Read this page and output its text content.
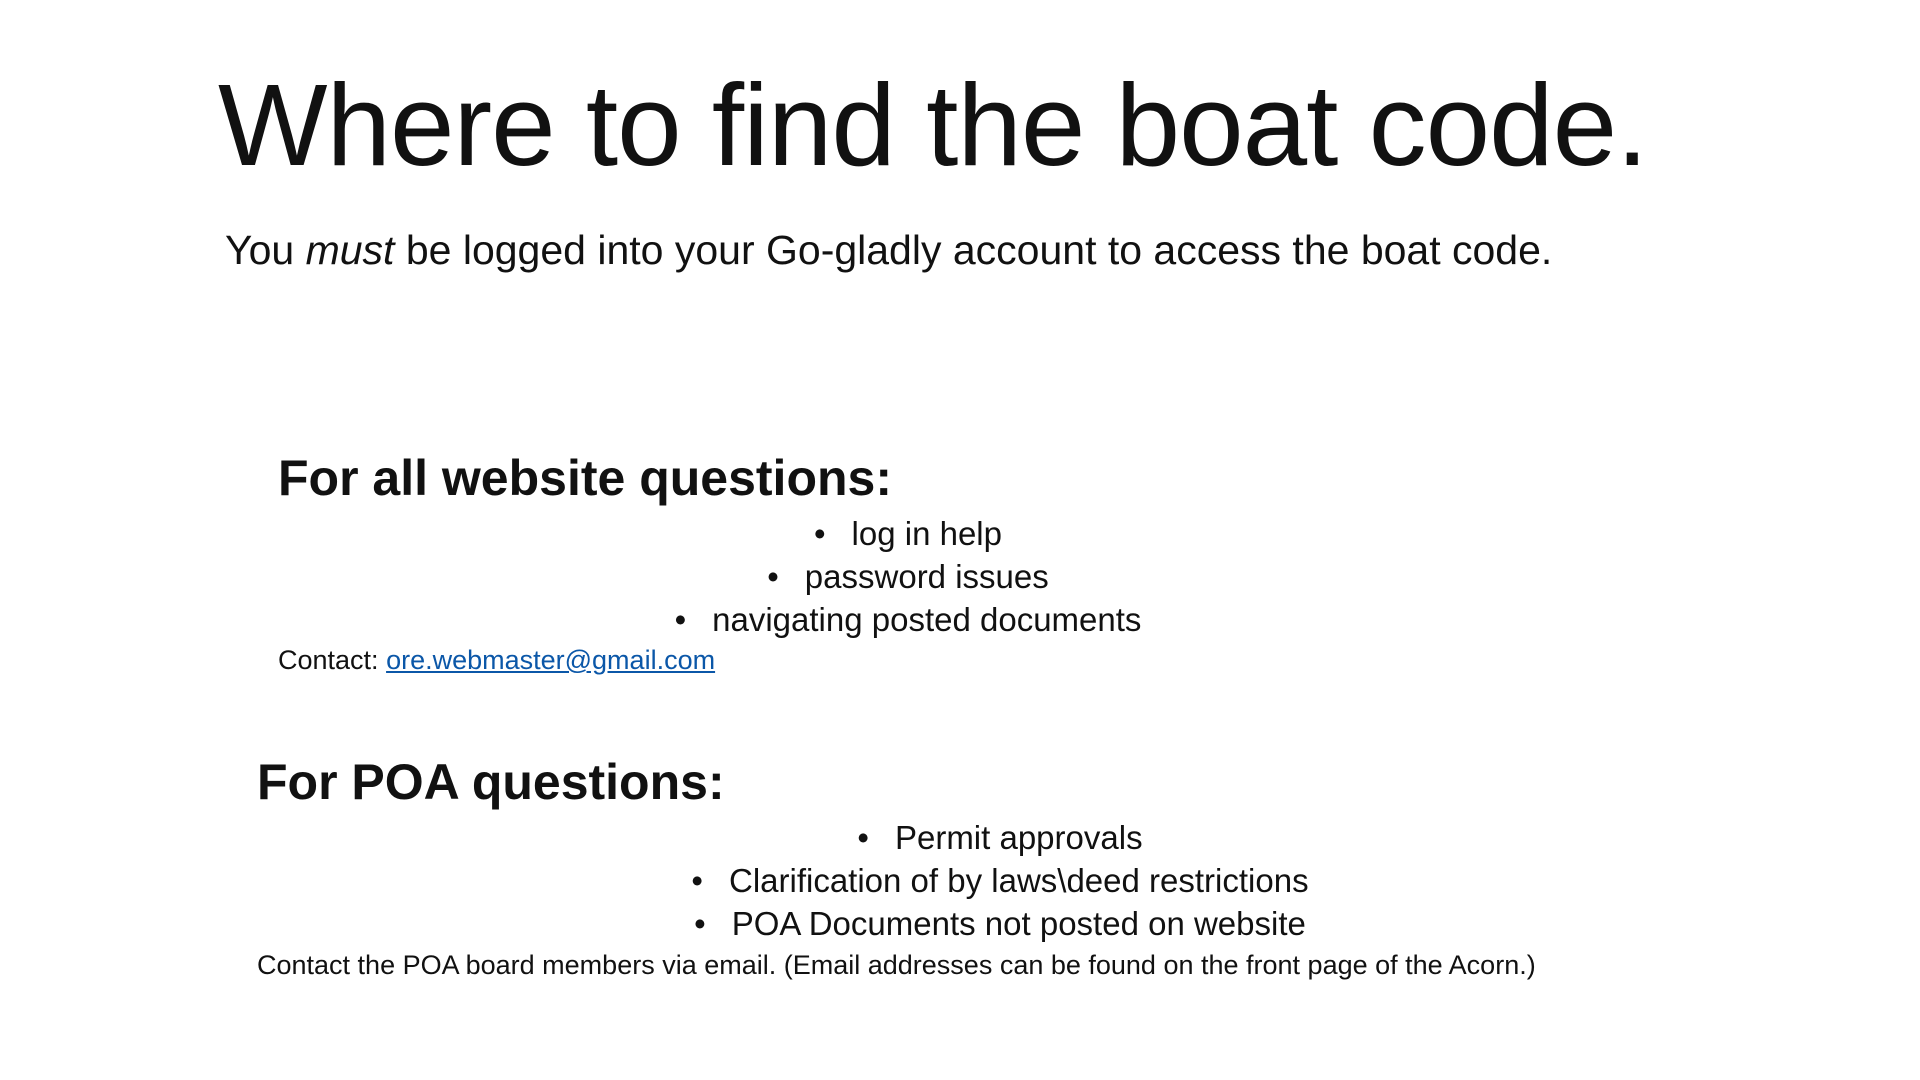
Where to find the boat code.

You must be logged into your Go-gladly account to access the boat code.

For all website questions:
• log in help
• password issues
• navigating posted documents

Contact: ore.webmaster@gmail.com

For POA questions:
• Permit approvals
• Clarification of by laws\deed restrictions
• POA Documents not posted on website

Contact the POA board members via email. (Email addresses can be found on the front page of the Acorn.)
